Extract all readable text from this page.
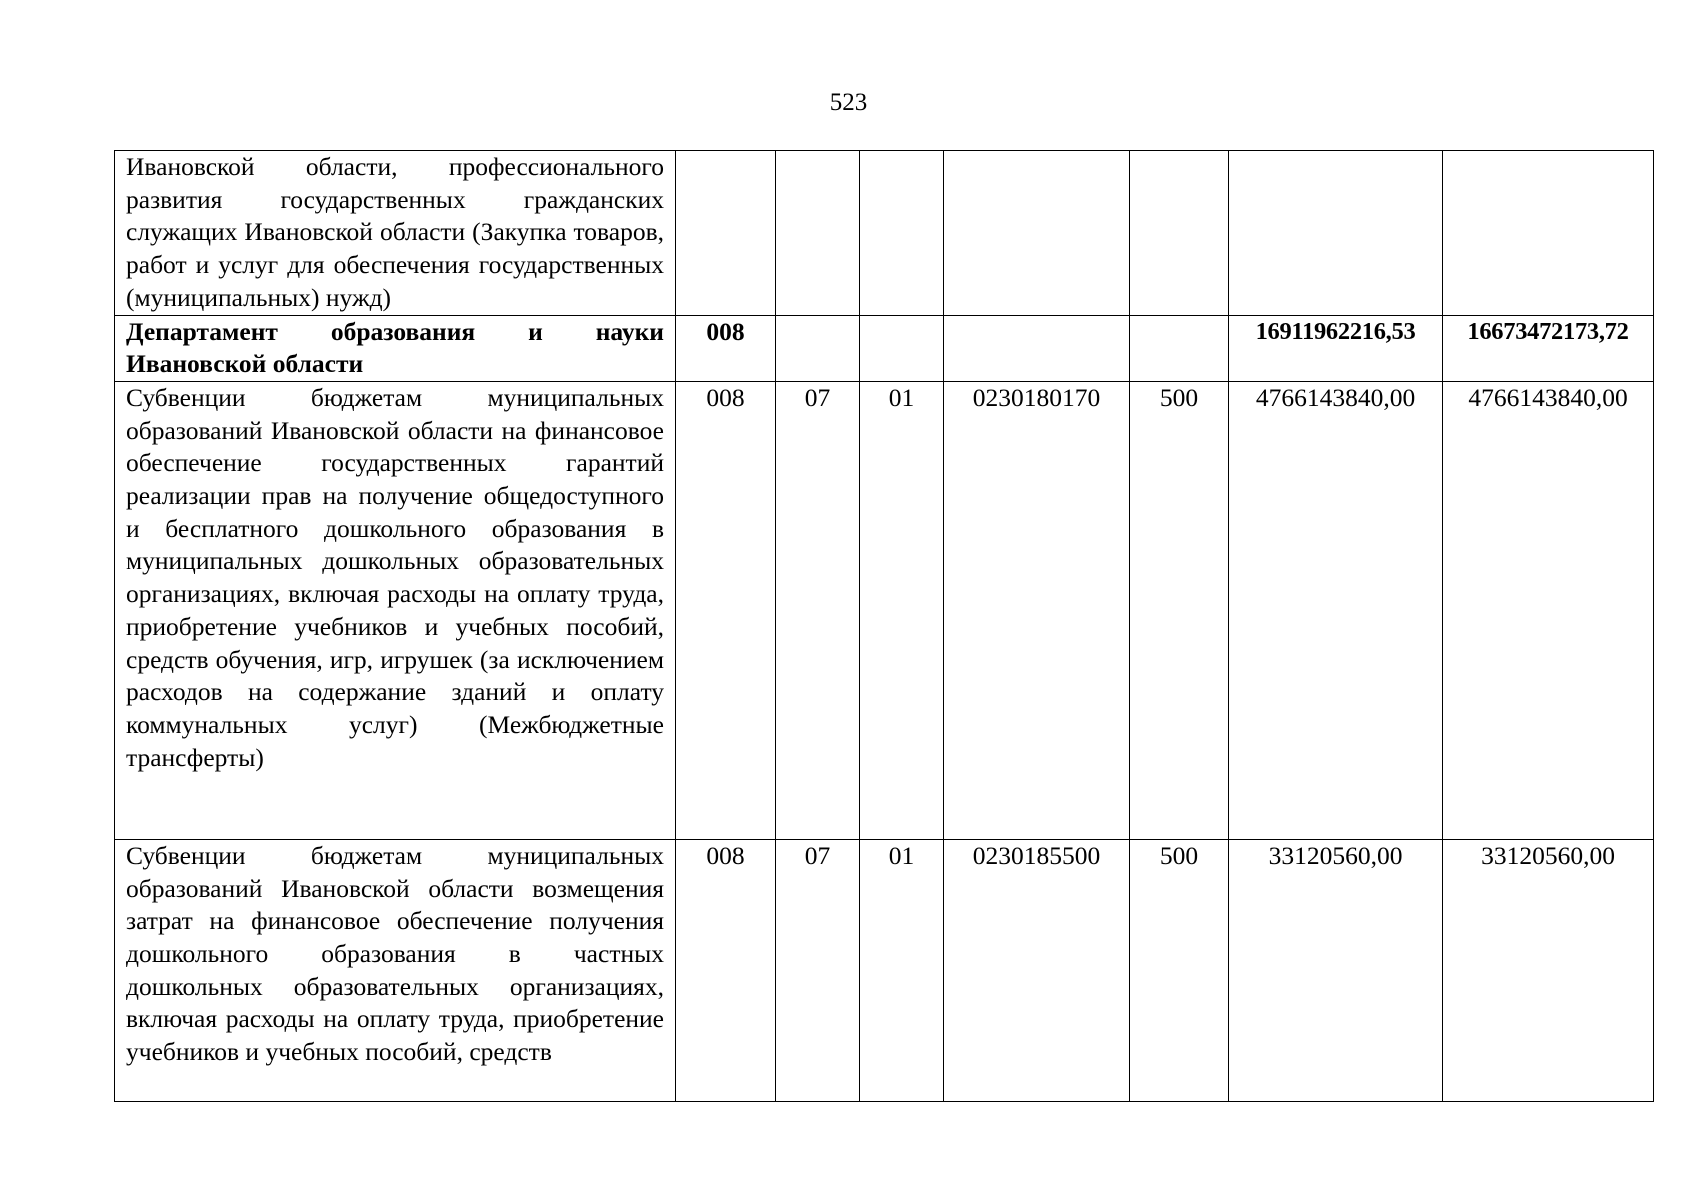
523
Ивановской области, профессионального развития государственных гражданских служащих Ивановской области (Закупка товаров, работ и услуг для обеспечения государственных (муниципальных) нужд)							
Департамент образования и науки Ивановской области	008					16911962216,53	16673472173,72
Субвенции бюджетам муниципальных образований Ивановской области на финансовое обеспечение государственных гарантий реализации прав на получение общедоступного и бесплатного дошкольного образования в муниципальных дошкольных образовательных организациях, включая расходы на оплату труда, приобретение учебников и учебных пособий, средств обучения, игр, игрушек (за исключением расходов на содержание зданий и оплату коммунальных услуг) (Межбюджетные трансферты)	008	07	01	0230180170	500	4766143840,00	4766143840,00
Субвенции бюджетам муниципальных образований Ивановской области возмещения затрат на финансовое обеспечение получения дошкольного образования в частных дошкольных образовательных организациях, включая расходы на оплату труда, приобретение учебников и учебных пособий, средств	008	07	01	0230185500	500	33120560,00	33120560,00
